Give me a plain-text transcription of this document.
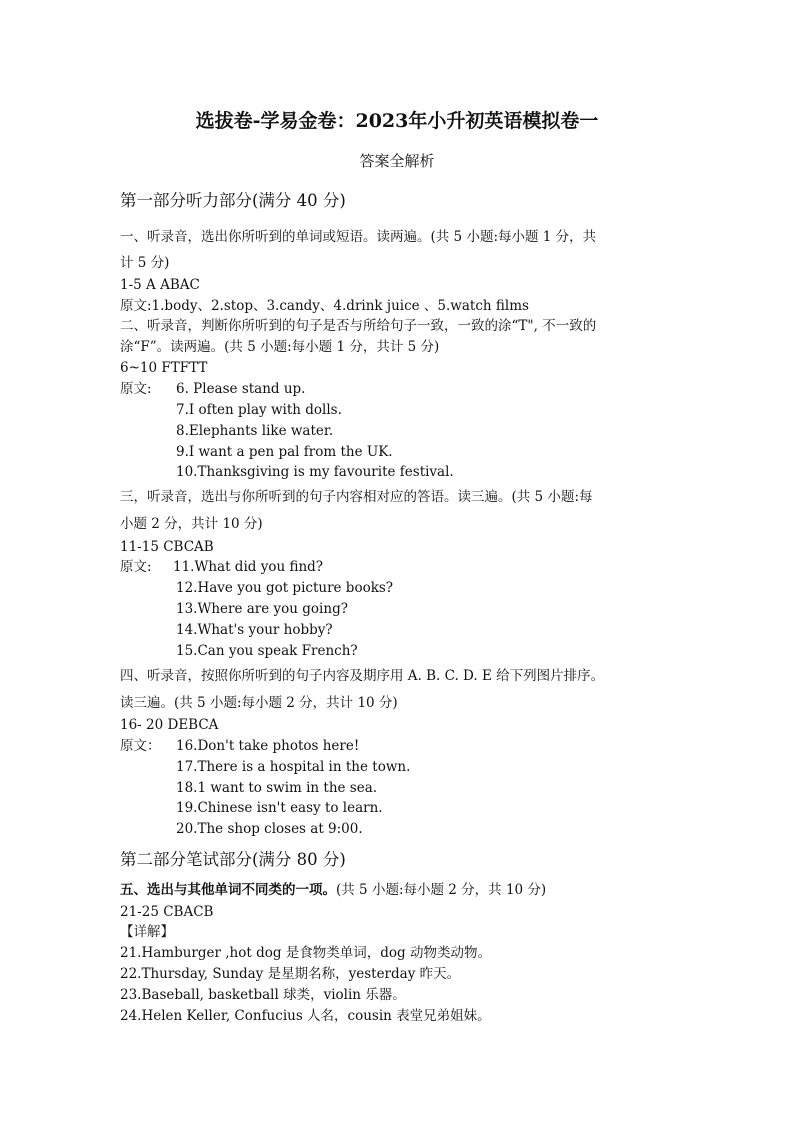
选拔卷-学易金卷：2023年小升初英语模拟卷一
答案全解析
第一部分听力部分(满分 40 分)
一、听录音，选出你所听到的单词或短语。读两遍。(共 5 小题:每小题 1 分，共
计 5 分)
1-5 A ABAC
原文:1.body、2.stop、3.candy、4.drink juice 、5.watch films
二、听录音，判断你所听到的句子是否与所给句子一致，一致的涂“T", 不一致的
涂“F”。读两遍。(共 5 小题:每小题 1 分，共计 5 分)
6~10 FTFTT
原文: 6. Please stand up.
7.I often play with dolls.
8.Elephants like water.
9.I want a pen pal from the UK.
10.Thanksgiving is my favourite festival.
三，听录音，选出与你所听到的句子内容相对应的答语。读三遍。(共 5 小题:每
小题 2 分，共计 10 分)
11-15 CBCAB
原文: 11.What did you find?
12.Have you got picture books?
13.Where are you going?
14.What's your hobby?
15.Can you speak French?
四、听录音，按照你所听到的句子内容及期序用 A. B. C. D. E 给下列图片排序。
读三遍。(共 5 小题:每小题 2 分，共计 10 分)
16- 20 DEBCA
原文： 16.Don't take photos here!
17.There is a hospital in the town.
18.1 want to swim in the sea.
19.Chinese isn't easy to learn.
20.The shop closes at 9:00.
第二部分笔试部分(满分 80 分)
五、选出与其他单词不同类的一项。(共 5 小题:每小题 2 分，共 10 分)
21-25 CBACB
【详解】
21.Hamburger ,hot dog 是食物类单词，dog 动物类动物。
22.Thursday, Sunday 是星期名称，yesterday 昨天。
23.Baseball, basketball 球类，violin 乐器。
24.Helen Keller, Confucius 人名，cousin 表堂兄弟姐妹。
